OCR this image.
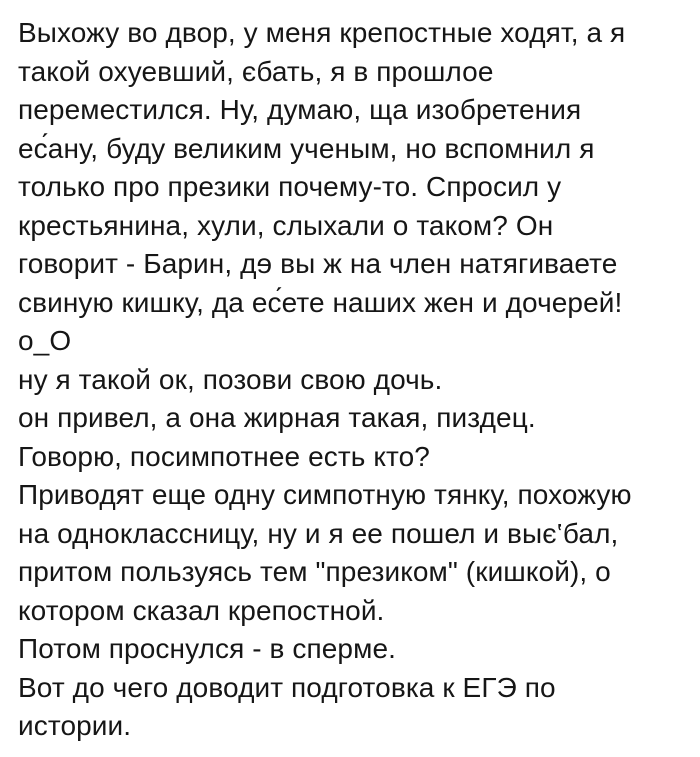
Выхожу во двор, у меня крепостные ходят, а я
такой охуевший, єбать, я в прошлое
переместился. Ну, думаю, ща изобретения
ес́ану, буду великим ученым, но вспомнил я
только про презики почему-то. Спросил у
крестьянина, хули, слыхали о таком? Он
говорит - Барин, дɘ вы ж на член натягиваете
свиную кишку, да ес́ете наших жен и дочерей!
о_О
ну я такой ок, позови свою дочь.
он привел, а она жирная такая, пиздец.
Говорю, посимпотнее есть кто?
Приводят еще одну симпотную тянку, похожую
на одноклассницу, ну и я ее пошел и выє‛бал,
притом пользуясь тем "презиком" (кишкой), о
котором сказал крепостной.
Потом проснулся - в сперме.
Вот до чего доводит подготовка к ЕГЭ по
истории.
